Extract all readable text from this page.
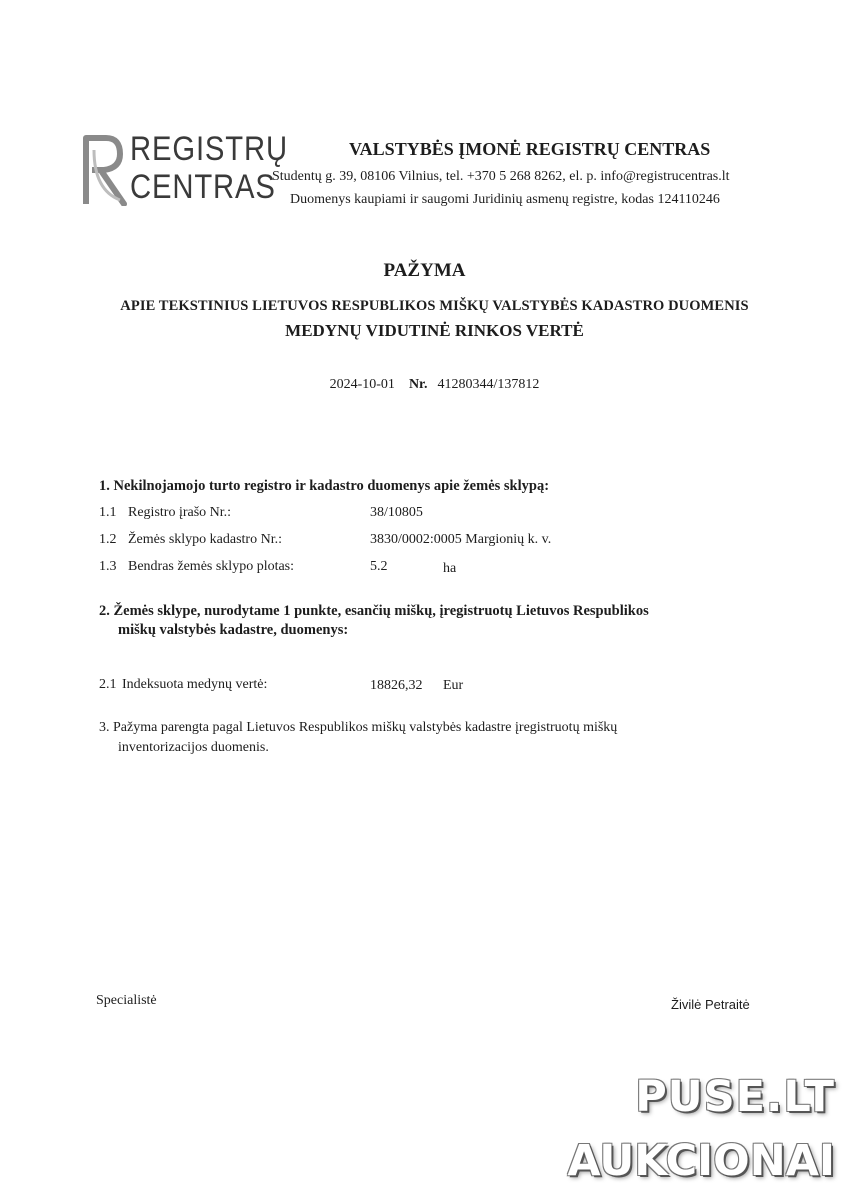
REGISTRŲ
CENTRAS
VALSTYBĖS ĮMONĖ REGISTRŲ CENTRAS
Studentų g. 39, 08106 Vilnius, tel. +370 5 268 8262, el. p. info@registrucentras.lt
Duomenys kaupiami ir saugomi Juridinių asmenų registre, kodas 124110246
PAŽYMA
APIE TEKSTINIUS LIETUVOS RESPUBLIKOS MIŠKŲ VALSTYBĖS KADASTRO DUOMENIS
MEDYNŲ VIDUTINĖ RINKOS VERTĖ
2024-10-01 Nr. 41280344/137812
1. Nekilnojamojo turto registro ir kadastro duomenys apie žemės sklypą:
1.1 Registro įrašo Nr.:	38/10805
1.2 Žemės sklypo kadastro Nr.:	3830/0002:0005 Margionių k. v.
1.3 Bendras žemės sklypo plotas:	5.2	ha
2. Žemės sklype, nurodytame 1 punkte, esančių miškų, įregistruotų Lietuvos Respublikos
miškų valstybės kadastre, duomenys:
2.1 Indeksuota medynų vertė:	18826,32 Eur
3. Pažyma parengta pagal Lietuvos Respublikos miškų valstybės kadastre įregistruotų miškų
inventorizacijos duomenis.
Specialistė	Živilė Petraitė
PUSE.LT
AUKCIONAI
